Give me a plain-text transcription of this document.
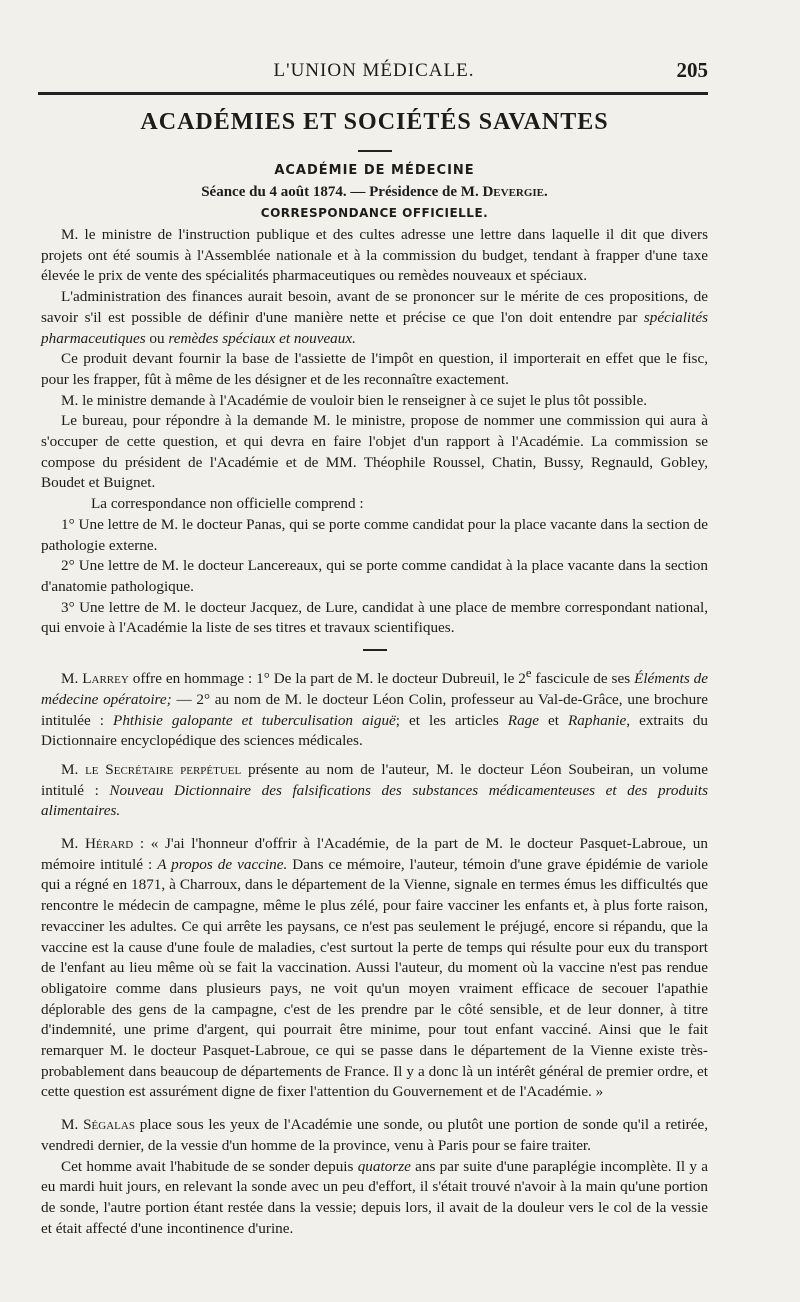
L'UNION MÉDICALE.	205
ACADÉMIES ET SOCIÉTÉS SAVANTES
ACADÉMIE DE MÉDECINE
Séance du 4 août 1874. — Présidence de M. Devergie.
CORRESPONDANCE OFFICIELLE.

M. le ministre de l'instruction publique et des cultes adresse une lettre dans laquelle il dit que divers projets ont été soumis à l'Assemblée nationale et à la commission du budget, tendant à frapper d'une taxe élevée le prix de vente des spécialités pharmaceutiques ou remèdes nouveaux et spéciaux.

L'administration des finances aurait besoin, avant de se prononcer sur le mérite de ces propositions, de savoir s'il est possible de définir d'une manière nette et précise ce que l'on doit entendre par spécialités pharmaceutiques ou remèdes spéciaux et nouveaux.

Ce produit devant fournir la base de l'assiette de l'impôt en question, il importerait en effet que le fisc, pour les frapper, fût à même de les désigner et de les reconnaître exactement.

M. le ministre demande à l'Académie de vouloir bien le renseigner à ce sujet le plus tôt possible.

Le bureau, pour répondre à la demande M. le ministre, propose de nommer une commission qui aura à s'occuper de cette question, et qui devra en faire l'objet d'un rapport à l'Académie. La commission se compose du président de l'Académie et de MM. Théophile Roussel, Chatin, Bussy, Regnauld, Gobley, Boudet et Buignet.

La correspondance non officielle comprend :

1° Une lettre de M. le docteur Panas, qui se porte comme candidat pour la place vacante dans la section de pathologie externe.

2° Une lettre de M. le docteur Lancereaux, qui se porte comme candidat à la place vacante dans la section d'anatomie pathologique.

3° Une lettre de M. le docteur Jacquez, de Lure, candidat à une place de membre correspondant national, qui envoie à l'Académie la liste de ses titres et travaux scientifiques.

M. Larrey offre en hommage : 1° De la part de M. le docteur Dubreuil, le 2e fascicule de ses Éléments de médecine opératoire; — 2° au nom de M. le docteur Léon Colin, professeur au Val-de-Grâce, une brochure intitulée : Phthisie galopante et tuberculisation aiguë; et les articles Rage et Raphanie, extraits du Dictionnaire encyclopédique des sciences médicales.

M. le Secrétaire perpétuel présente au nom de l'auteur, M. le docteur Léon Soubeiran, un volume intitulé : Nouveau Dictionnaire des falsifications des substances médicamenteuses et des produits alimentaires.

M. Hérard : « J'ai l'honneur d'offrir à l'Académie, de la part de M. le docteur Pasquet-Labroue, un mémoire intitulé : A propos de vaccine. Dans ce mémoire, l'auteur, témoin d'une grave épidémie de variole qui a régné en 1871, à Charroux, dans le département de la Vienne, signale en termes émus les difficultés que rencontre le médecin de campagne, même le plus zélé, pour faire vacciner les enfants et, à plus forte raison, revacciner les adultes. Ce qui arrête les paysans, ce n'est pas seulement le préjugé, encore si répandu, que la vaccine est la cause d'une foule de maladies, c'est surtout la perte de temps qui résulte pour eux du transport de l'enfant au lieu même où se fait la vaccination. Aussi l'auteur, du moment où la vaccine n'est pas rendue obligatoire comme dans plusieurs pays, ne voit qu'un moyen vraiment efficace de secouer l'apathie déplorable des gens de la campagne, c'est de les prendre par le côté sensible, et de leur donner, à titre d'indemnité, une prime d'argent, qui pourrait être minime, pour tout enfant vacciné. Ainsi que le fait remarquer M. le docteur Pasquet-Labroue, ce qui se passe dans le département de la Vienne existe très-probablement dans beaucoup de départements de France. Il y a donc là un intérêt général de premier ordre, et cette question est assurément digne de fixer l'attention du Gouvernement et de l'Académie. »

M. Ségalas place sous les yeux de l'Académie une sonde, ou plutôt une portion de sonde qu'il a retirée, vendredi dernier, de la vessie d'un homme de la province, venu à Paris pour se faire traiter.

Cet homme avait l'habitude de se sonder depuis quatorze ans par suite d'une paraplégie incomplète. Il y a eu mardi huit jours, en relevant la sonde avec un peu d'effort, il s'était trouvé n'avoir à la main qu'une portion de sonde, l'autre portion étant restée dans la vessie; depuis lors, il avait de la douleur vers le col de la vessie et était affecté d'une incontinence d'urine.
